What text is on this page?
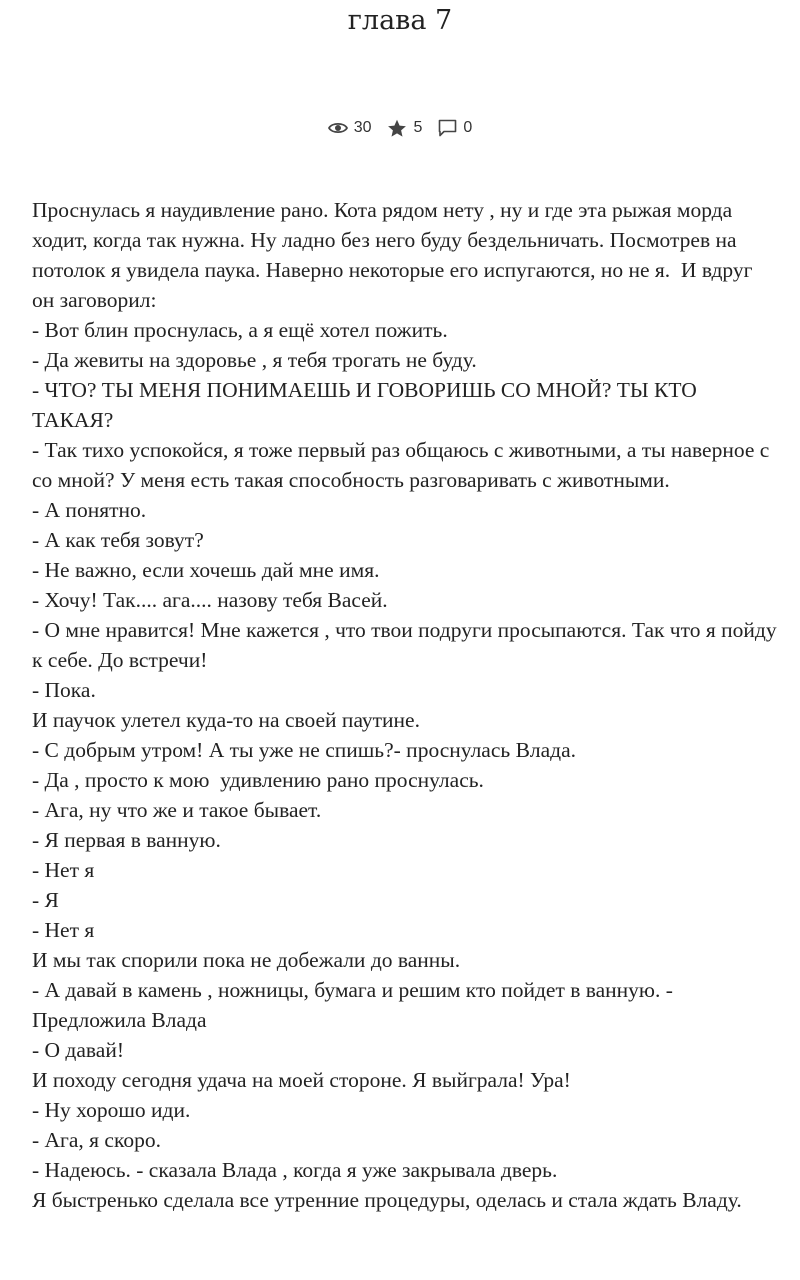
глава 7
30	5	0

Проснулась я наудивление рано. Кота рядом нету , ну и где эта рыжая морда ходит, когда так нужна. Ну ладно без него буду бездельничать. Посмотрев на потолок я увидела паука. Наверно некоторые его испугаются, но не я.  И вдруг он заговорил:

- Вот блин проснулась, а я ещё хотел пожить.

- Да жевиты на здоровье , я тебя трогать не буду.

- ЧТО? ТЫ МЕНЯ ПОНИМАЕШЬ И ГОВОРИШЬ СО МНОЙ? ТЫ КТО ТАКАЯ?

- Так тихо успокойся, я тоже первый раз общаюсь с животными, а ты наверное с со мной? У меня есть такая способность разговаривать с животными.

- А понятно.

- А как тебя зовут?

- Не важно, если хочешь дай мне имя.

- Хочу! Так.... ага.... назову тебя Васей.

- О мне нравится! Мне кажется , что твои подруги просыпаются. Так что я пойду к себе. До встречи!

- Пока.

И паучок улетел куда-то на своей паутине.

- С добрым утром! А ты уже не спишь?- проснулась Влада.

- Да , просто к мою  удивлению рано проснулась.

- Ага, ну что же и такое бывает.

- Я первая в ванную.

- Нет я

- Я

- Нет я

И мы так спорили пока не добежали до ванны.

- А давай в камень , ножницы, бумага и решим кто пойдет в ванную. - Предложила Влада

- О давай!

И походу сегодня удача на моей стороне. Я выйграла! Ура!

- Ну хорошо иди.

- Ага, я скоро.

- Надеюсь. - сказала Влада , когда я уже закрывала дверь.

Я быстренько сделала все утренние процедуры, оделась и стала ждать Владу.
